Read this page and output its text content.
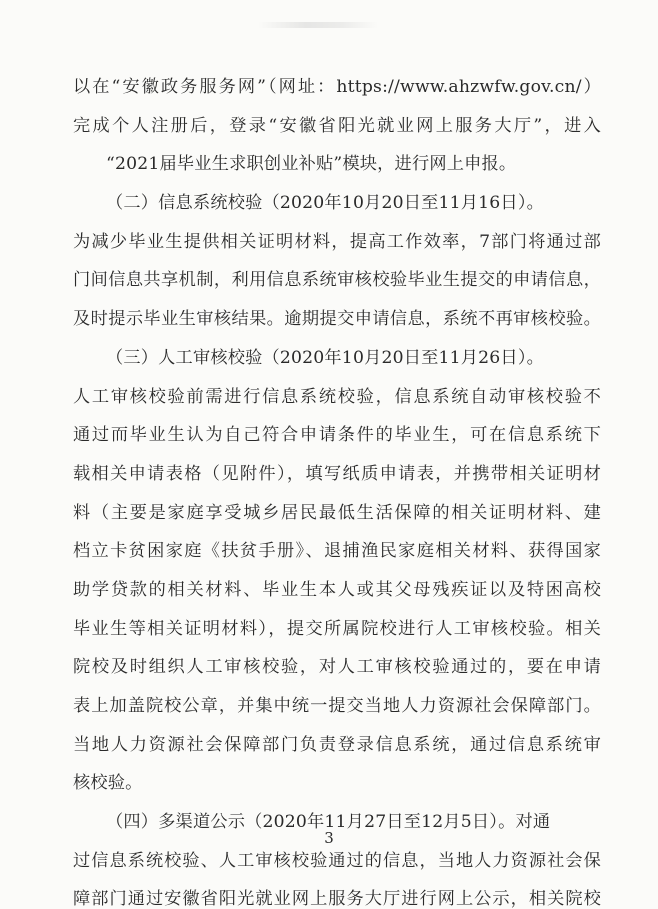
以在“安徽政务服务网”（网址：https://www.ahzwfw.gov.cn/）
完成个人注册后，登录“安徽省阳光就业网上服务大厅”，进入
“2021届毕业生求职创业补贴”模块，进行网上申报。
（二）信息系统校验（2020年10月20日至11月16日）。
为减少毕业生提供相关证明材料，提高工作效率，7部门将通过部
门间信息共享机制，利用信息系统审核校验毕业生提交的申请信息，
及时提示毕业生审核结果。逾期提交申请信息，系统不再审核校验。
（三）人工审核校验（2020年10月20日至11月26日）。
人工审核校验前需进行信息系统校验，信息系统自动审核校验不
通过而毕业生认为自己符合申请条件的毕业生，可在信息系统下
载相关申请表格（见附件），填写纸质申请表，并携带相关证明材
料（主要是家庭享受城乡居民最低生活保障的相关证明材料、建
档立卡贫困家庭《扶贫手册》、退捕渔民家庭相关材料、获得国家
助学贷款的相关材料、毕业生本人或其父母残疾证以及特困高校
毕业生等相关证明材料），提交所属院校进行人工审核校验。相关
院校及时组织人工审核校验，对人工审核校验通过的，要在申请
表上加盖院校公章，并集中统一提交当地人力资源社会保障部门。
当地人力资源社会保障部门负责登录信息系统，通过信息系统审
核校验。
（四）多渠道公示（2020年11月27日至12月5日）。对通
过信息系统校验、人工审核校验通过的信息，当地人力资源社会保
障部门通过安徽省阳光就业网上服务大厅进行网上公示，相关院校
3
